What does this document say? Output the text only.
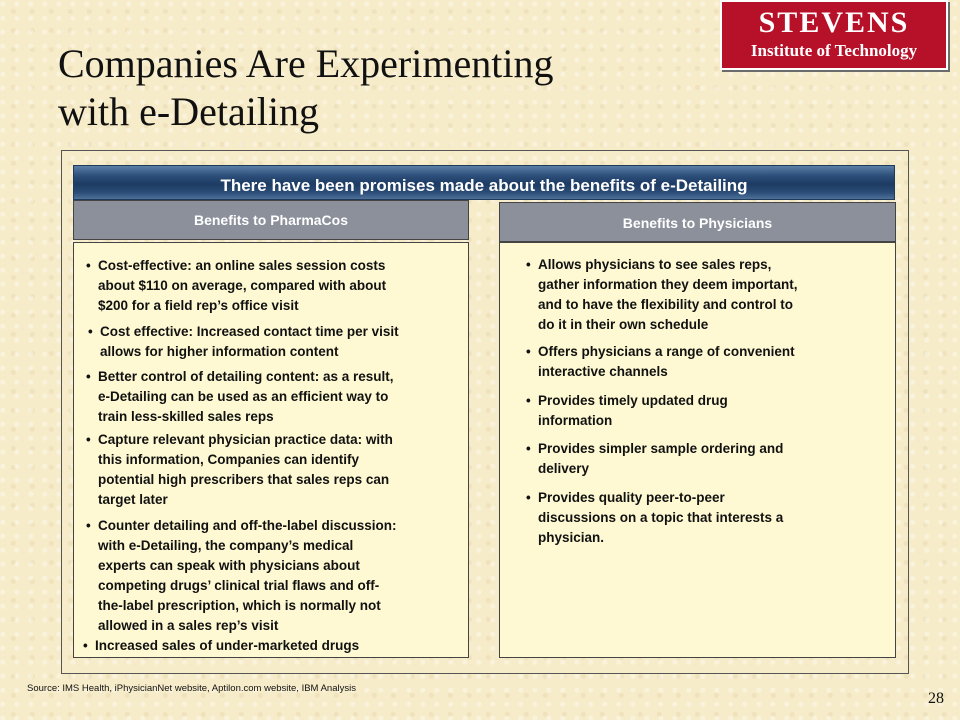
Companies Are Experimenting
with e-Detailing
STEVENS
Institute of Technology
There have been promises made about the benefits of e-Detailing
Benefits to PharmaCos	Benefits to Physicians
• Cost-effective: an online sales session costs
about $110 on average, compared with about
$200 for a field rep’s office visit
• Cost effective: Increased contact time per visit
allows for higher information content
• Better control of detailing content: as a result,
e-Detailing can be used as an efficient way to
train less-skilled sales reps
• Capture relevant physician practice data: with
this information, Companies can identify
potential high prescribers that sales reps can
target later
• Counter detailing and off-the-label discussion:
with e-Detailing, the company’s medical
experts can speak with physicians about
competing drugs’ clinical trial flaws and off-
the-label prescription, which is normally not
allowed in a sales rep’s visit
• Increased sales of under-marketed drugs
• Allows physicians to see sales reps,
gather information they deem important,
and to have the flexibility and control to
do it in their own schedule
• Offers physicians a range of convenient
interactive channels
• Provides timely updated drug
information
• Provides simpler sample ordering and
delivery
• Provides quality peer-to-peer
discussions on a topic that interests a
physician.
Source: IMS Health, iPhysicianNet website, Aptilon.com website, IBM Analysis
28
